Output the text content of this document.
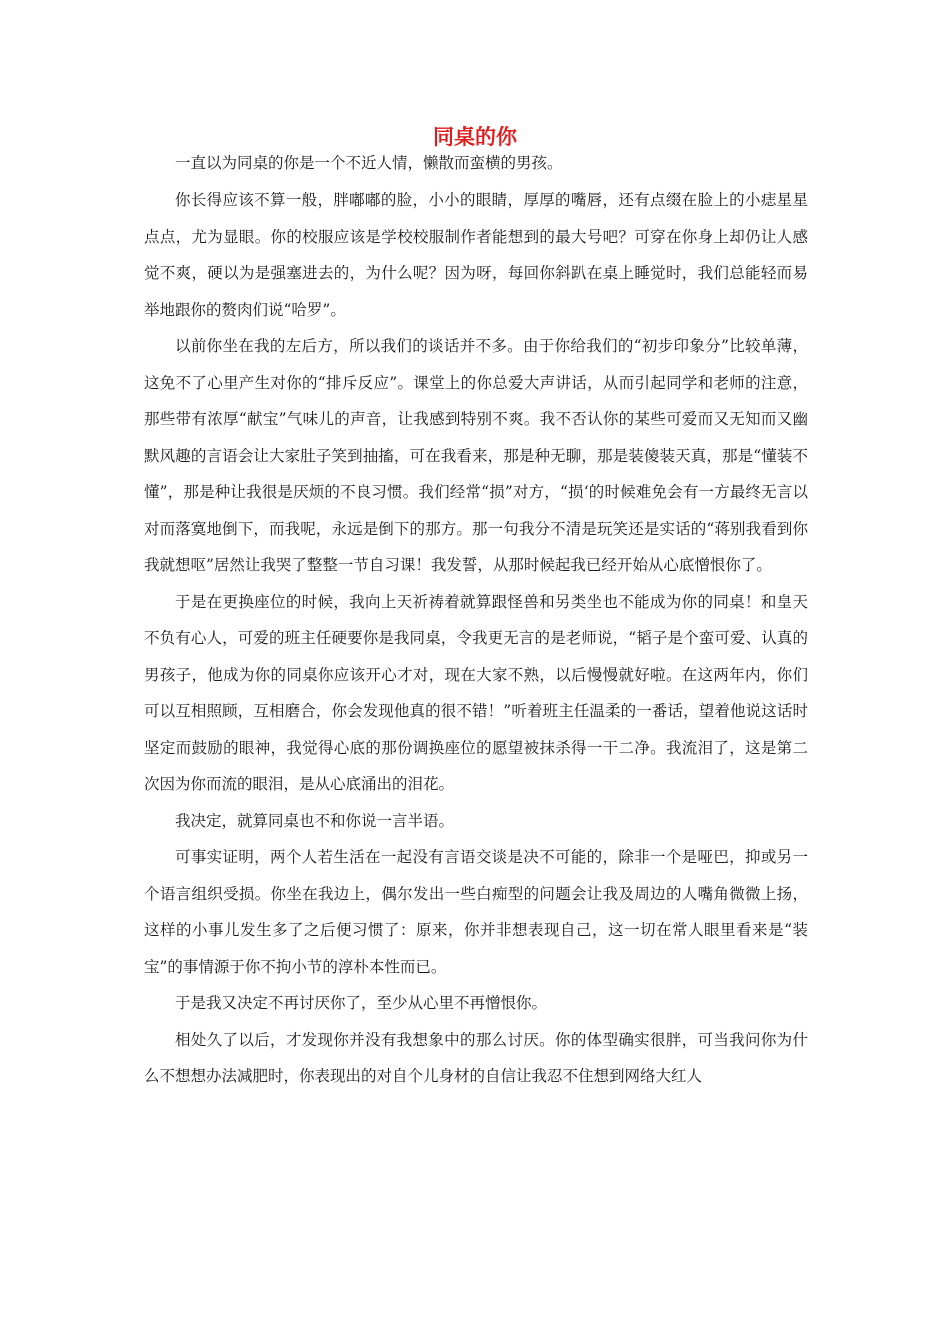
同桌的你

一直以为同桌的你是一个不近人情，懒散而蛮横的男孩。

你长得应该不算一般，胖嘟嘟的脸，小小的眼睛，厚厚的嘴唇，还有点缀在脸上的小痣星星点点，尤为显眼。你的校服应该是学校校服制作者能想到的最大号吧？可穿在你身上却仍让人感觉不爽，硬以为是强塞进去的，为什么呢？因为呀，每回你斜趴在桌上睡觉时，我们总能轻而易举地跟你的赘肉们说“哈罗”。

以前你坐在我的左后方，所以我们的谈话并不多。由于你给我们的“初步印象分”比较单薄，这免不了心里产生对你的“排斥反应”。课堂上的你总爱大声讲话，从而引起同学和老师的注意，那些带有浓厚“献宝”气味儿的声音，让我感到特别不爽。我不否认你的某些可爱而又无知而又幽默风趣的言语会让大家肚子笑到抽搐，可在我看来，那是种无聊，那是装傻装天真，那是“懂装不懂”，那是种让我很是厌烦的不良习惯。我们经常“损”对方，“损‘的时候难免会有一方最终无言以对而落寞地倒下，而我呢，永远是倒下的那方。那一句我分不清是玩笑还是实话的“蒋别我看到你我就想呕”居然让我哭了整整一节自习课！我发誓，从那时候起我已经开始从心底憎恨你了。

于是在更换座位的时候，我向上天祈祷着就算跟怪兽和另类坐也不能成为你的同桌！和皇天不负有心人，可爱的班主任硬要你是我同桌，令我更无言的是老师说，“韬子是个蛮可爱、认真的男孩子，他成为你的同桌你应该开心才对，现在大家不熟，以后慢慢就好啦。在这两年内，你们可以互相照顾，互相磨合，你会发现他真的很不错！”听着班主任温柔的一番话，望着他说这话时坚定而鼓励的眼神，我觉得心底的那份调换座位的愿望被抹杀得一干二净。我流泪了，这是第二次因为你而流的眼泪，是从心底涌出的泪花。

我决定，就算同桌也不和你说一言半语。

可事实证明，两个人若生活在一起没有言语交谈是决不可能的，除非一个是哑巴，抑或另一个语言组织受损。你坐在我边上，偶尔发出一些白痴型的问题会让我及周边的人嘴角微微上扬，这样的小事儿发生多了之后便习惯了：原来，你并非想表现自己，这一切在常人眼里看来是“装宝”的事情源于你不拘小节的淳朴本性而已。

于是我又决定不再讨厌你了，至少从心里不再憎恨你。

相处久了以后，才发现你并没有我想象中的那么讨厌。你的体型确实很胖，可当我问你为什么不想想办法减肥时，你表现出的对自个儿身材的自信让我忍不住想到网络大红人
